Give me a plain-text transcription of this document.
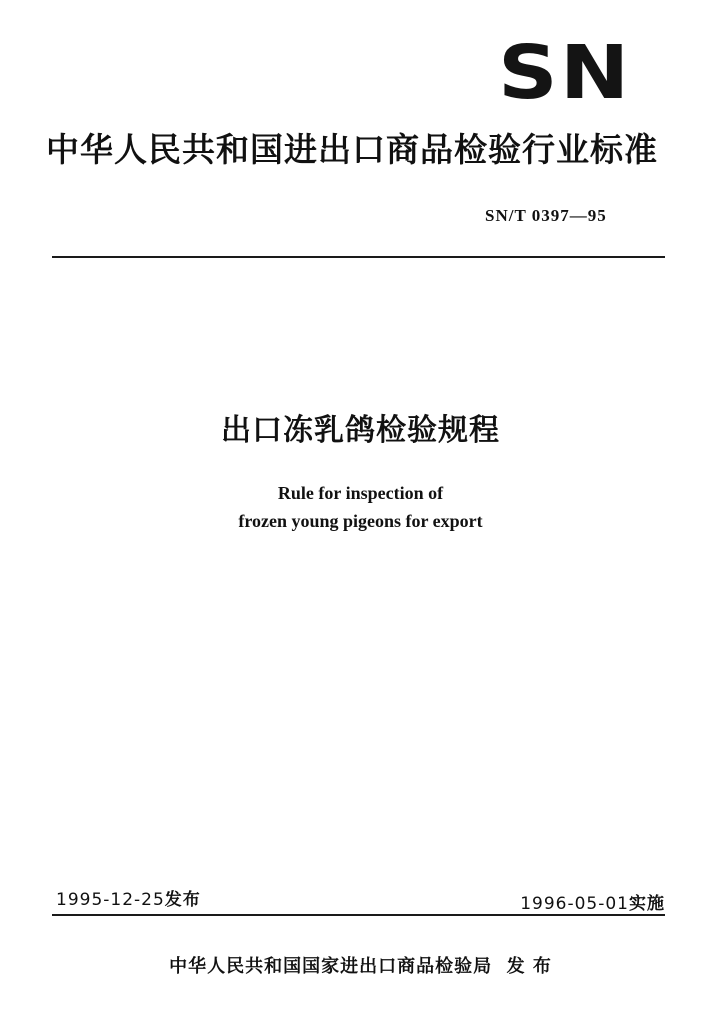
SN
中华人民共和国进出口商品检验行业标准
SN/T 0397—95
出口冻乳鸽检验规程
Rule for inspection of
frozen young pigeons for export
1995-12-25发布	1996-05-01实施
中华人民共和国国家进出口商品检验局 发 布
